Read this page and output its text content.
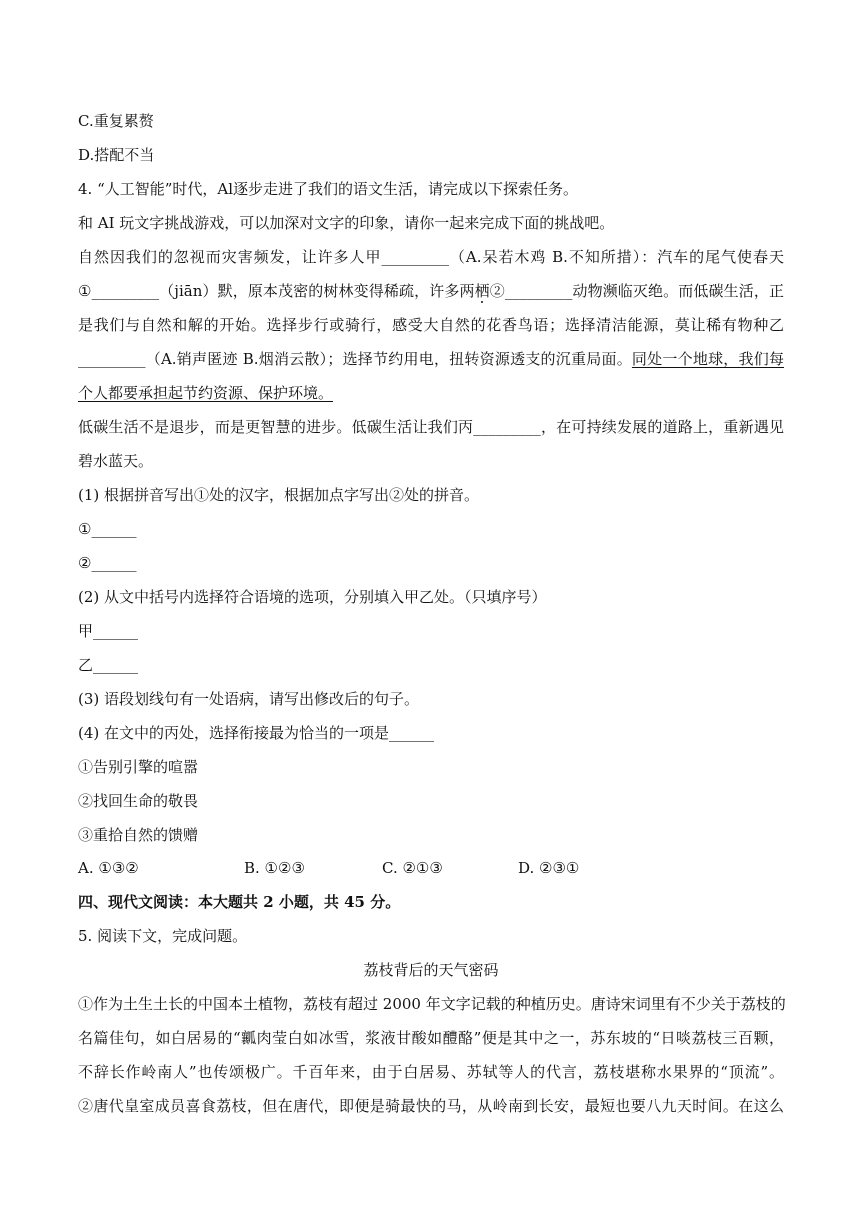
C.重复累赘
D.搭配不当
4. “人工智能”时代，Al逐步走进了我们的语文生活，请完成以下探索任务。
和 AI 玩文字挑战游戏，可以加深对文字的印象，请你一起来完成下面的挑战吧。
自然因我们的忽视而灾害频发，让许多人甲_________（A.呆若木鸡 B.不知所措）：汽车的尾气使春天
①_________（jiān）默，原本茂密的树林变得稀疏，许多两栖②_________动物濒临灭绝。而低碳生活，正
是我们与自然和解的开始。选择步行或骑行，感受大自然的花香鸟语；选择清洁能源，莫让稀有物种乙
_________（A.销声匿迹 B.烟消云散）；选择节约用电，扭转资源透支的沉重局面。同处一个地球，我们每
个人都要承担起节约资源、保护环境。
低碳生活不是退步，而是更智慧的进步。低碳生活让我们丙_________，在可持续发展的道路上，重新遇见
碧水蓝天。
(1) 根据拼音写出①处的汉字，根据加点字写出②处的拼音。
①______
②______
(2) 从文中括号内选择符合语境的选项，分别填入甲乙处。（只填序号）
甲______
乙______
(3) 语段划线句有一处语病，请写出修改后的句子。
(4) 在文中的丙处，选择衔接最为恰当的一项是______
①告别引擎的喧嚣
②找回生命的敬畏
③重拾自然的馈赠
A. ①③②	B. ①②③	C. ②①③	D. ②③①
四、现代文阅读：本大题共 2 小题，共 45 分。
5. 阅读下文，完成问题。
荔枝背后的天气密码
①作为土生土长的中国本土植物，荔枝有超过 2000 年文字记载的种植历史。唐诗宋词里有不少关于荔枝的
名篇佳句，如白居易的“瓤肉莹白如冰雪，浆液甘酸如醴酪”便是其中之一，苏东坡的“日啖荔枝三百颗，
不辞长作岭南人”也传颂极广。千百年来，由于白居易、苏轼等人的代言，荔枝堪称水果界的“顶流”。
②唐代皇室成员喜食荔枝，但在唐代，即便是骑最快的马，从岭南到长安，最短也要八九天时间。在这么
